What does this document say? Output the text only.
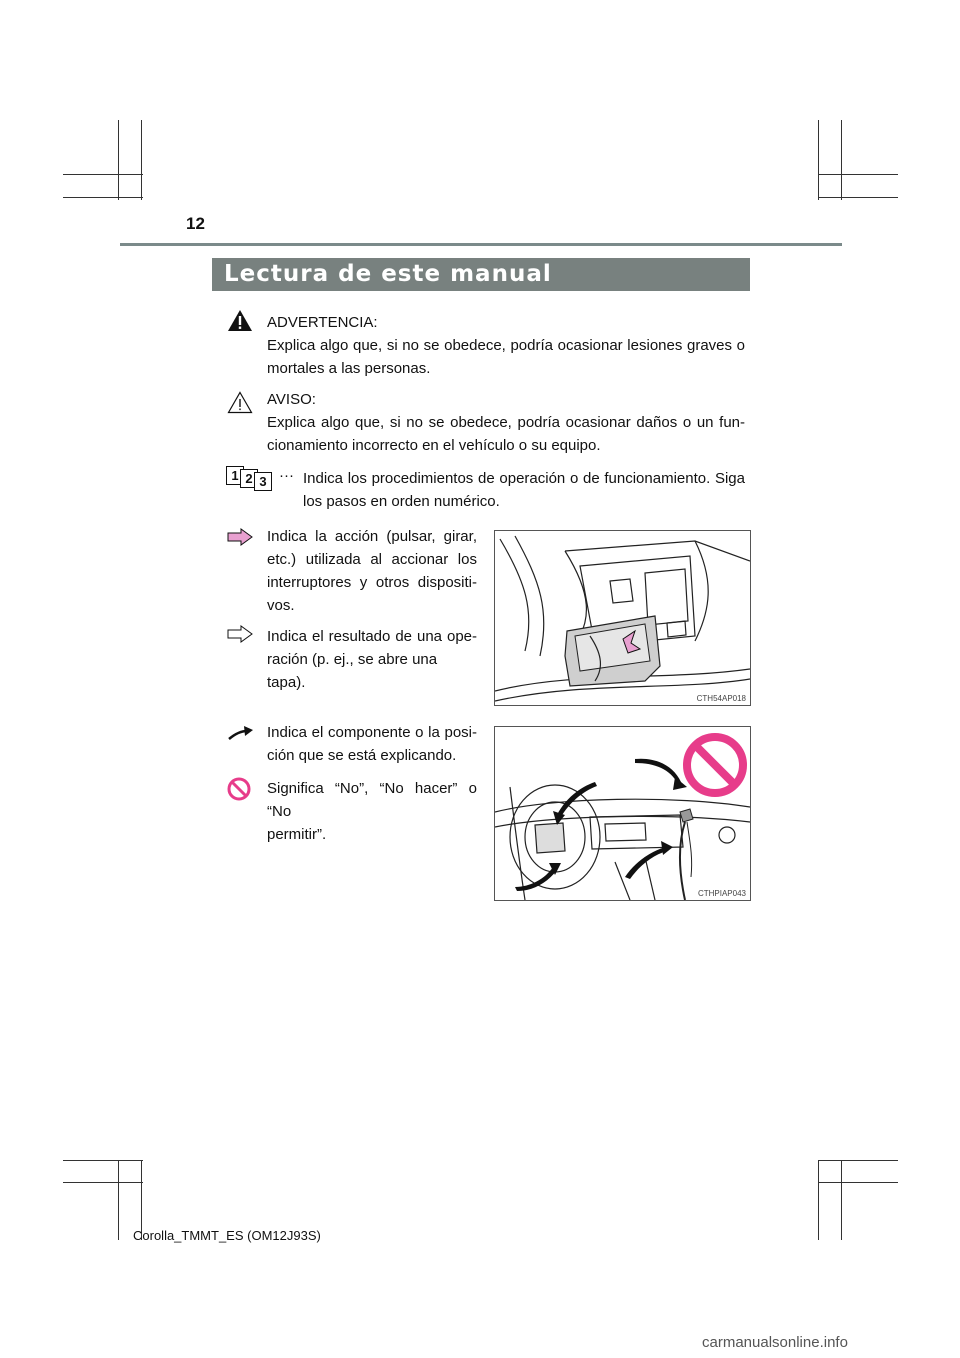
12
Lectura de este manual
ADVERTENCIA:
Explica algo que, si no se obedece, podría ocasionar lesiones graves o
mortales a las personas.
AVISO:
Explica algo que, si no se obedece, podría ocasionar daños o un fun-
cionamiento incorrecto en el vehículo o su equipo.
1 2 3 ··· Indica los procedimientos de operación o de funcionamiento. Siga
los pasos en orden numérico.
Indica la acción (pulsar, girar,
etc.) utilizada al accionar los
interruptores y otros dispositi-
vos.
Indica el resultado de una ope-
ración (p. ej., se abre una tapa).
CTH54AP018
Indica el componente o la posi-
ción que se está explicando.
Significa “No”, “No hacer” o “No
permitir”.
CTHPIAP043
Corolla_TMMT_ES (OM12J93S)
carmanualsonline.info
